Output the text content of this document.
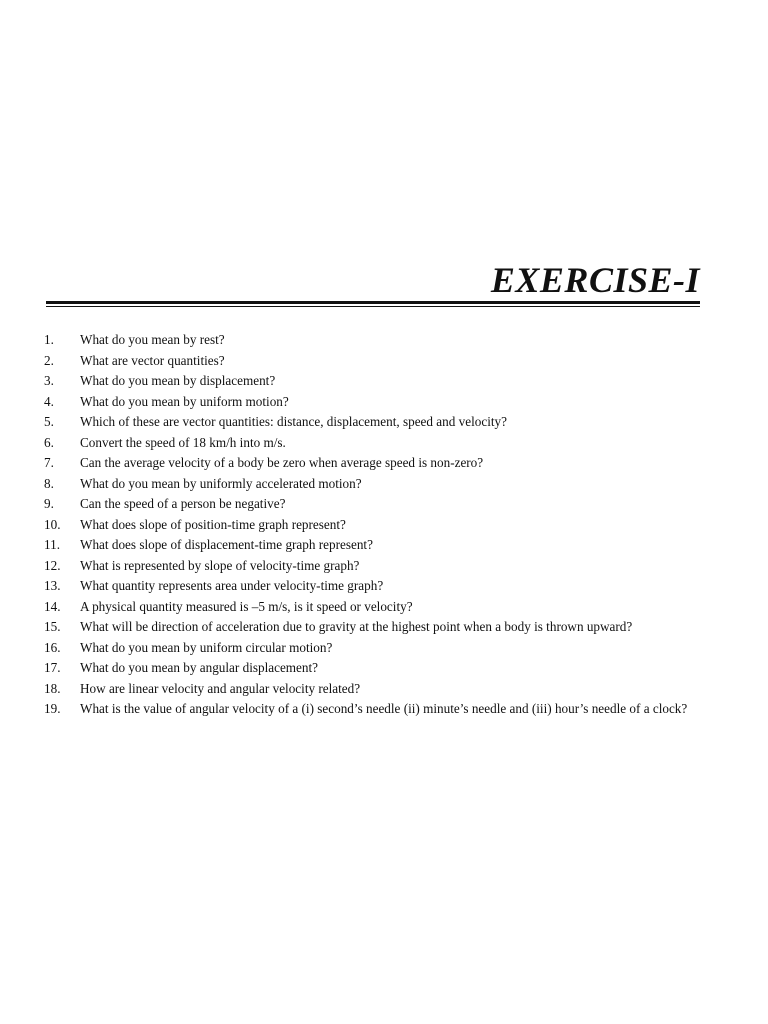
EXERCISE-I
1.	What do you mean by rest?
2.	What are vector quantities?
3.	What do you mean by displacement?
4.	What do you mean by uniform motion?
5.	Which of these are vector quantities: distance, displacement, speed and velocity?
6.	Convert the speed of 18 km/h into m/s.
7.	Can the average velocity of a body be zero when average speed is non-zero?
8.	What do you mean by uniformly accelerated motion?
9.	Can the speed of a person be negative?
10.	What does slope of position-time graph represent?
11.	What does slope of displacement-time graph represent?
12.	What is represented by slope of velocity-time graph?
13.	What quantity represents area under velocity-time graph?
14.	A physical quantity measured is –5 m/s, is it speed or velocity?
15.	What will be direction of acceleration due to gravity at the highest point when a body is thrown upward?
16.	What do you mean by uniform circular motion?
17.	What do you mean by angular displacement?
18.	How are linear velocity and angular velocity related?
19.	What is the value of angular velocity of a (i) second’s needle (ii) minute’s needle and (iii) hour’s needle of a clock?
